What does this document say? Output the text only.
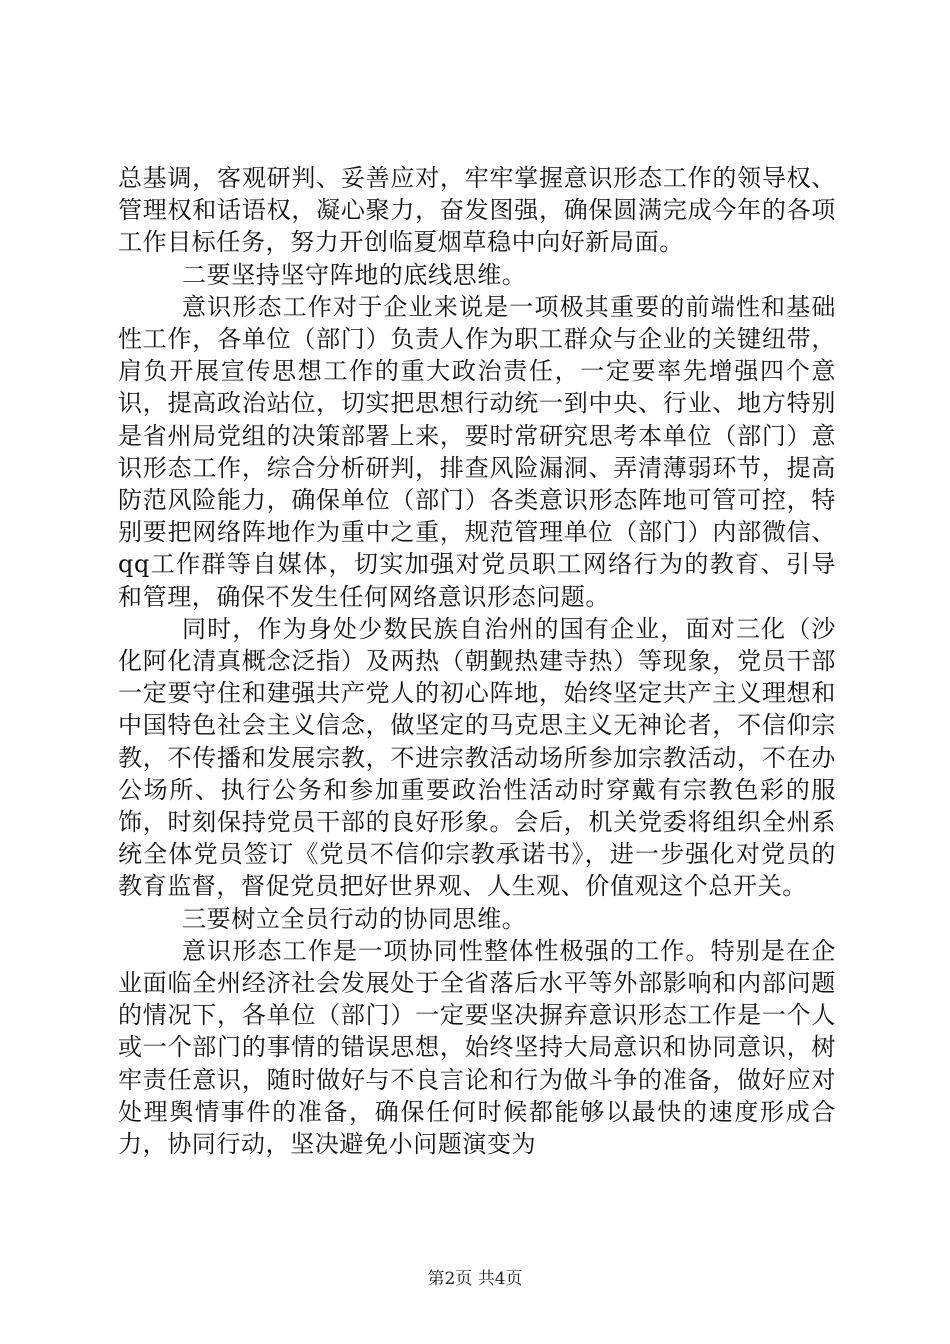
总基调，客观研判、妥善应对，牢牢掌握意识形态工作的领导权、管理权和话语权，凝心聚力，奋发图强，确保圆满完成今年的各项工作目标任务，努力开创临夏烟草稳中向好新局面。

二要坚持坚守阵地的底线思维。

意识形态工作对于企业来说是一项极其重要的前端性和基础性工作，各单位（部门）负责人作为职工群众与企业的关键纽带，肩负开展宣传思想工作的重大政治责任，一定要率先增强四个意识，提高政治站位，切实把思想行动统一到中央、行业、地方特别是省州局党组的决策部署上来，要时常研究思考本单位（部门）意识形态工作，综合分析研判，排查风险漏洞、弄清薄弱环节，提高防范风险能力，确保单位（部门）各类意识形态阵地可管可控，特别要把网络阵地作为重中之重，规范管理单位（部门）内部微信、qq工作群等自媒体，切实加强对党员职工网络行为的教育、引导和管理，确保不发生任何网络意识形态问题。

同时，作为身处少数民族自治州的国有企业，面对三化（沙化阿化清真概念泛指）及两热（朝觐热建寺热）等现象，党员干部一定要守住和建强共产党人的初心阵地，始终坚定共产主义理想和中国特色社会主义信念，做坚定的马克思主义无神论者，不信仰宗教，不传播和发展宗教，不进宗教活动场所参加宗教活动，不在办公场所、执行公务和参加重要政治性活动时穿戴有宗教色彩的服饰，时刻保持党员干部的良好形象。会后，机关党委将组织全州系统全体党员签订《党员不信仰宗教承诺书》，进一步强化对党员的教育监督，督促党员把好世界观、人生观、价值观这个总开关。

三要树立全员行动的协同思维。

意识形态工作是一项协同性整体性极强的工作。特别是在企业面临全州经济社会发展处于全省落后水平等外部影响和内部问题的情况下，各单位（部门）一定要坚决摒弃意识形态工作是一个人或一个部门的事情的错误思想，始终坚持大局意识和协同意识，树牢责任意识，随时做好与不良言论和行为做斗争的准备，做好应对处理舆情事件的准备，确保任何时候都能够以最快的速度形成合力，协同行动，坚决避免小问题演变为

第2页 共4页
